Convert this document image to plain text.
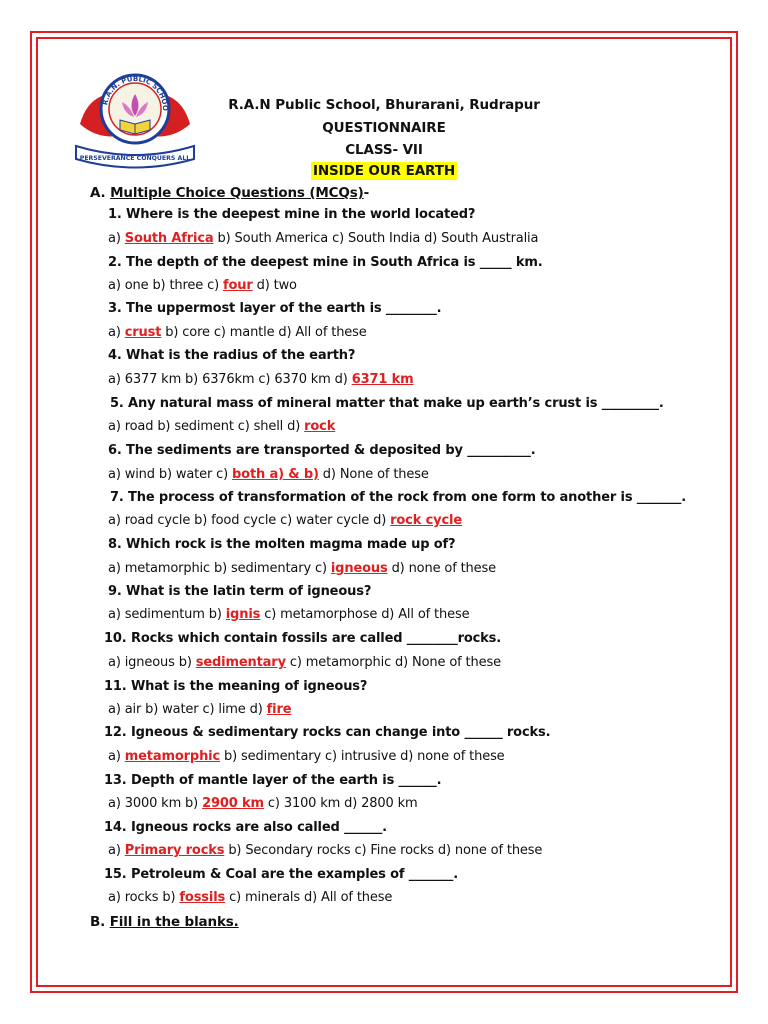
R.A.N. PUBLIC SCHOO
PERSEVERANCE CONQUERS ALL
R.A.N Public School, Bhurarani, Rudrapur
QUESTIONNAIRE
CLASS- VII
INSIDE OUR EARTH
A. Multiple Choice Questions (MCQs)-
1. Where is the deepest mine in the world located?
a) South Africa b) South America c) South India d) South Australia
2. The depth of the deepest mine in South Africa is _____ km.
a) one b) three c) four d) two
3. The uppermost layer of the earth is ________.
a) crust b) core c) mantle d) All of these
4. What is the radius of the earth?
a) 6377 km b) 6376km c) 6370 km d) 6371 km
5. Any natural mass of mineral matter that make up earth’s crust is _________.
a) road b) sediment c) shell d) rock
6. The sediments are transported & deposited by __________.
a) wind b) water c) both a) & b) d) None of these
7. The process of transformation of the rock from one form to another is _______.
a) road cycle b) food cycle c) water cycle d) rock cycle
8. Which rock is the molten magma made up of?
a) metamorphic b) sedimentary c) igneous d) none of these
9. What is the latin term of igneous?
a) sedimentum b) ignis c) metamorphose d) All of these
10. Rocks which contain fossils are called ________rocks.
a) igneous b) sedimentary c) metamorphic d) None of these
11. What is the meaning of igneous?
a) air b) water c) lime d) fire
12. Igneous & sedimentary rocks can change into ______ rocks.
a) metamorphic b) sedimentary c) intrusive d) none of these
13. Depth of mantle layer of the earth is ______.
a) 3000 km b) 2900 km c) 3100 km d) 2800 km
14. Igneous rocks are also called ______.
a) Primary rocks b) Secondary rocks c) Fine rocks d) none of these
15. Petroleum & Coal are the examples of _______.
a) rocks b) fossils c) minerals d) All of these
B. Fill in the blanks.
